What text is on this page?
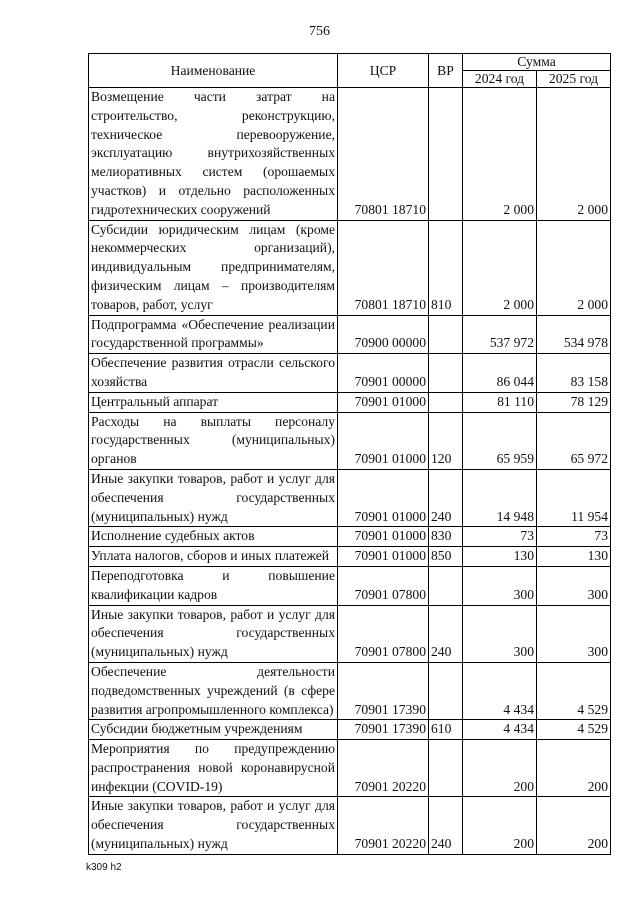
756
Наименование	ЦСР	ВР	Сумма	
			2024 год	2025 год
Возмещение части затрат на строительство, реконструкцию, техническое перевооружение, эксплуатацию внутрихозяйственных мелиоративных систем (орошаемых участков) и отдельно расположенных гидротехнических сооружений	70801 18710		2 000	2 000
Субсидии юридическим лицам (кроме некоммерческих организаций), индивидуальным предпринимателям, физическим лицам – производителям товаров, работ, услуг	70801 18710	810	2 000	2 000
Подпрограмма «Обеспечение реализации государственной программы»	70900 00000		537 972	534 978
Обеспечение развития отрасли сельского хозяйства	70901 00000		86 044	83 158
Центральный аппарат	70901 01000		81 110	78 129
Расходы на выплаты персоналу государственных (муниципальных) органов	70901 01000	120	65 959	65 972
Иные закупки товаров, работ и услуг для обеспечения государственных (муниципальных) нужд	70901 01000	240	14 948	11 954
Исполнение судебных актов	70901 01000	830	73	73
Уплата налогов, сборов и иных платежей	70901 01000	850	130	130
Переподготовка и повышение квалификации кадров	70901 07800		300	300
Иные закупки товаров, работ и услуг для обеспечения государственных (муниципальных) нужд	70901 07800	240	300	300
Обеспечение деятельности подведомственных учреждений (в сфере развития агропромышленного комплекса)	70901 17390		4 434	4 529
Субсидии бюджетным учреждениям	70901 17390	610	4 434	4 529
Мероприятия по предупреждению распространения новой коронавирусной инфекции (COVID-19)	70901 20220		200	200
Иные закупки товаров, работ и услуг для обеспечения государственных (муниципальных) нужд	70901 20220	240	200	200
k309 h2
